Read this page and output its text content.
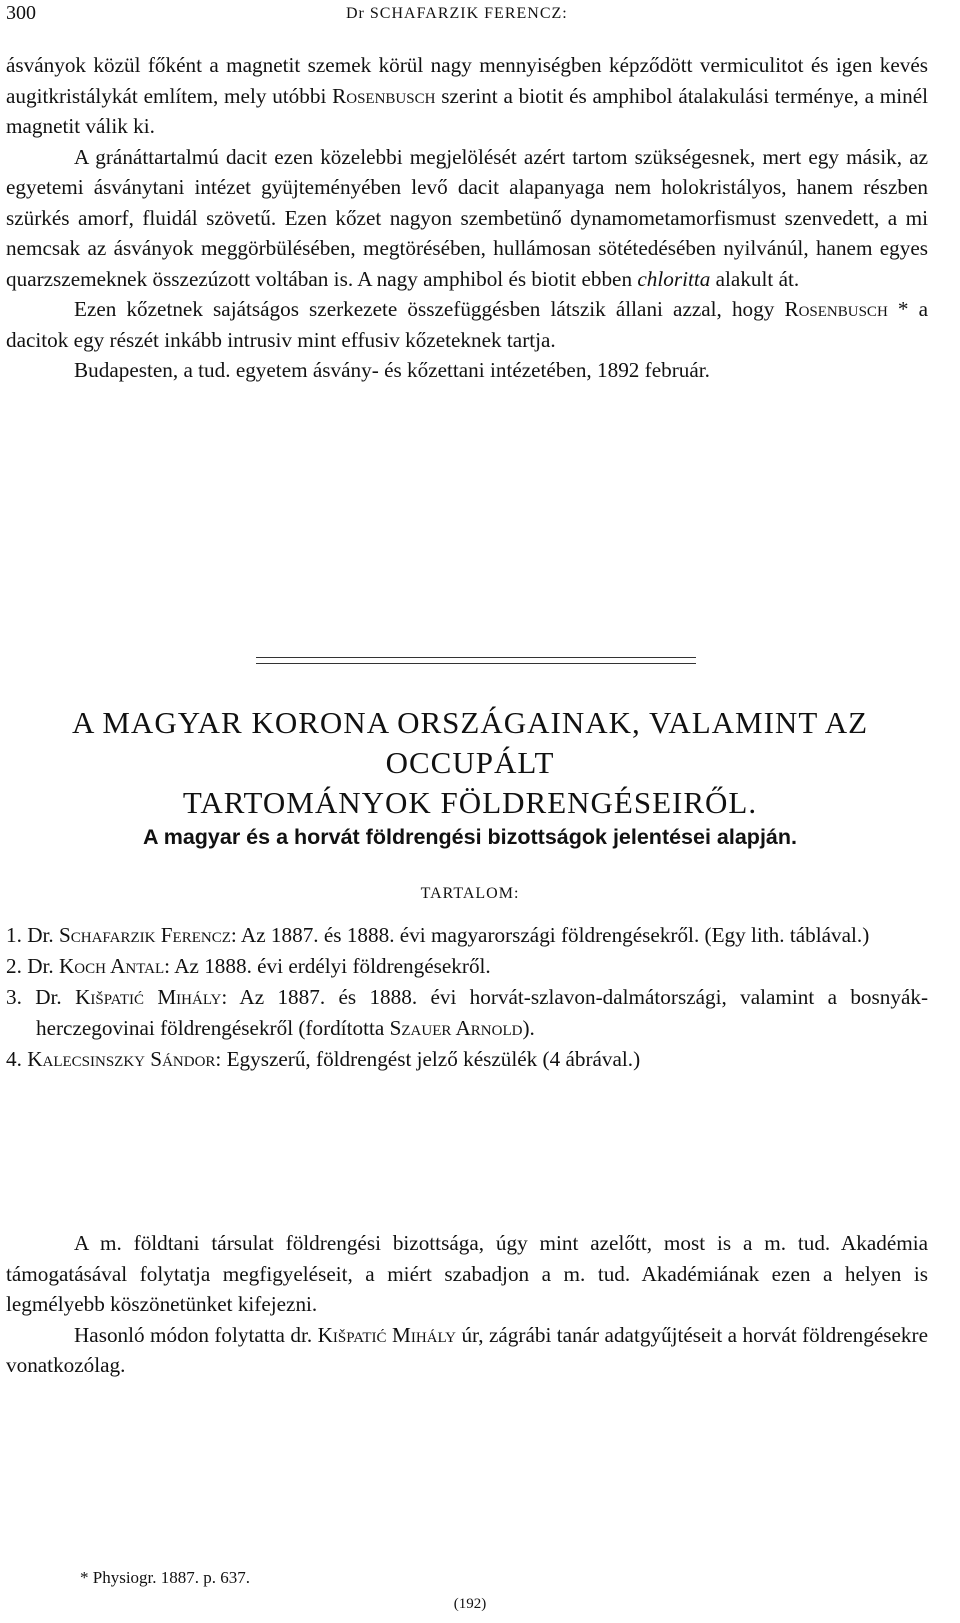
300	Dr SCHAFARZIK FERENCZ:

ásványok közül főként a magnetit szemek körül nagy mennyiségben képződött vermiculitot és igen kevés augitkristálykát említem, mely utóbbi Rosenbusch szerint a biotit és amphibol átalakulási terménye, a minél magnetit válik ki.

A gránáttartalmú dacit ezen közelebbi megjelölését azért tartom szükségesnek, mert egy másik, az egyetemi ásványtani intézet gyüjteményében levő dacit alapanyaga nem holokristályos, hanem részben szürkés amorf, fluidál szövetű. Ezen kőzet nagyon szembetünő dynamometamorfismust szenvedett, a mi nemcsak az ásványok meggörbülésében, megtörésében, hullámosan sötétedésében nyilvánúl, hanem egyes quarzszemeknek összezúzott voltában is. A nagy amphibol és biotit ebben chloritta alakult át.

Ezen kőzetnek sajátságos szerkezete összefüggésben látszik állani azzal, hogy Rosenbusch * a dacitok egy részét inkább intrusiv mint effusiv kőzeteknek tartja.

Budapesten, a tud. egyetem ásvány- és kőzettani intézetében, 1892 február.

A MAGYAR KORONA ORSZÁGAINAK, VALAMINT AZ OCCUPÁLT
TARTOMÁNYOK FÖLDRENGÉSEIRŐL.
A magyar és a horvát földrengési bizottságok jelentései alapján.
TARTALOM:
1. Dr. Schafarzik Ferencz: Az 1887. és 1888. évi magyarországi földrengésekről. (Egy lith. táblával.)
2. Dr. Koch Antal: Az 1888. évi erdélyi földrengésekről.
3. Dr. Kišpatić Mihály: Az 1887. és 1888. évi horvát-szlavon-dalmátországi, valamint a bosnyák-herczegovinai földrengésekről (fordította Szauer Arnold).
4. Kalecsinszky Sándor: Egyszerű, földrengést jelző készülék (4 ábrával.)

A m. földtani társulat földrengési bizottsága, úgy mint azelőtt, most is a m. tud. Akadémia támogatásával folytatja megfigyeléseit, a miért szabadjon a m. tud. Akadémiának ezen a helyen is legmélyebb köszönetünket kifejezni.

Hasonló módon folytatta dr. Kišpatić Mihály úr, zágrábi tanár adatgyűjtéseit a horvát földrengésekre vonatkozólag.

* Physiogr. 1887. p. 637.
(192)
